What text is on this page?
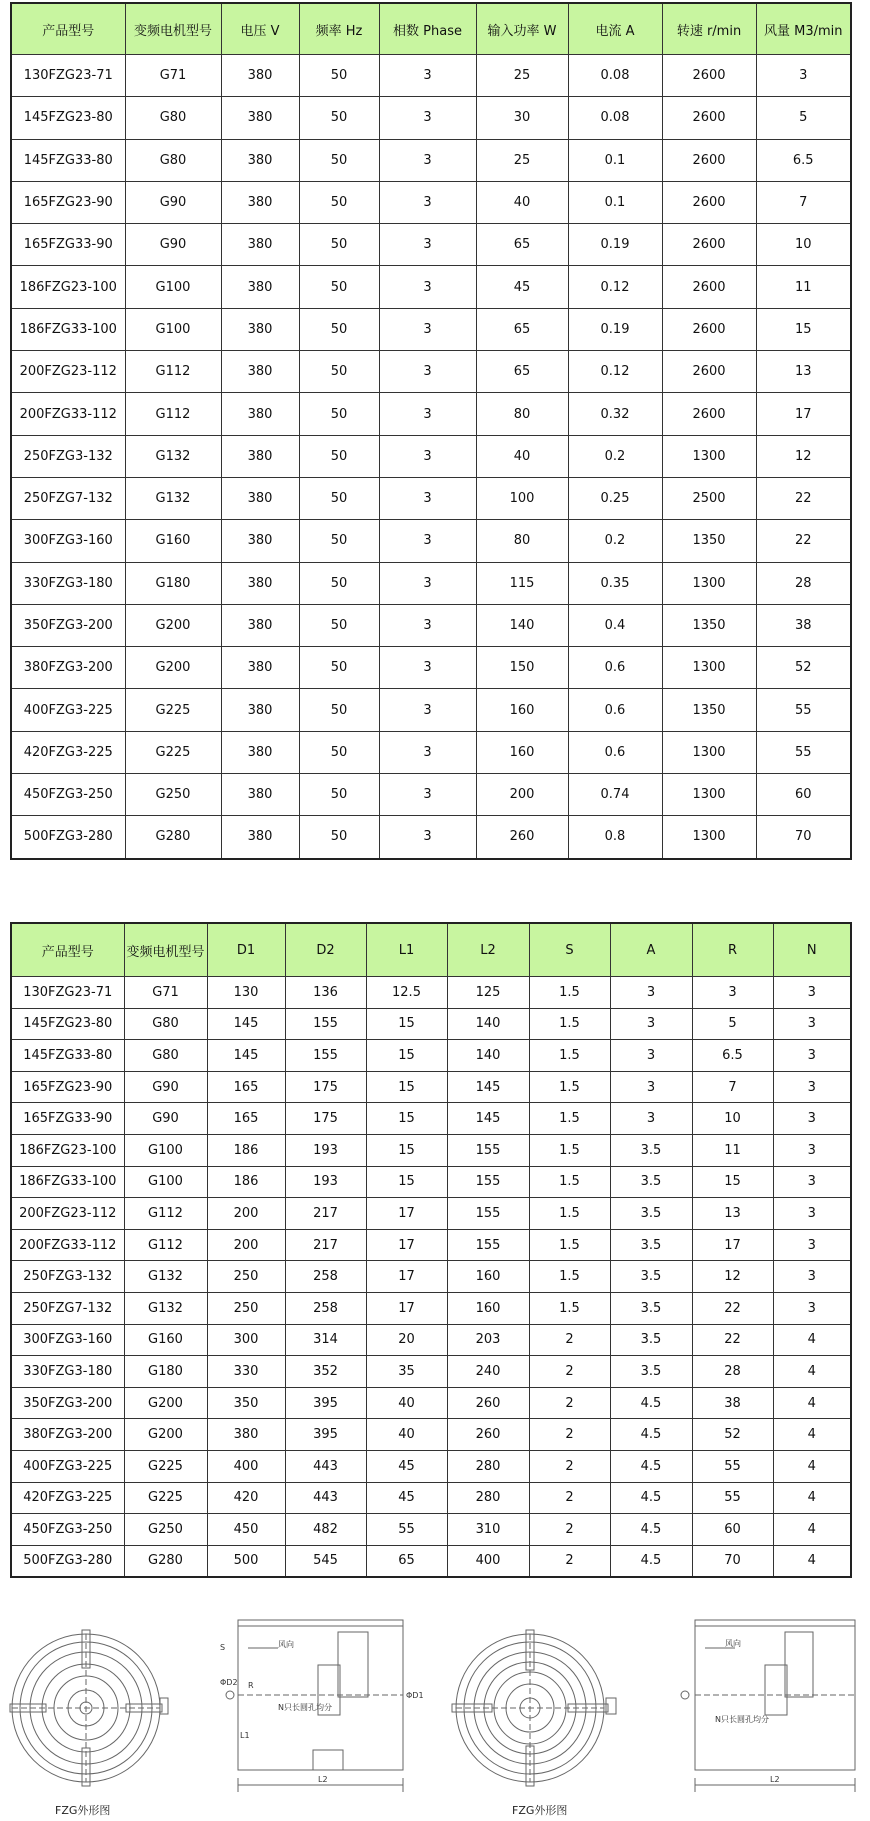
产品型号	变频电机型号	电压 V	频率 Hz	相数 Phase	输入功率 W	电流 A	转速 r/min	风量 M3/min
130FZG23-71	G71	380	50	3	25	0.08	2600	3
145FZG23-80	G80	380	50	3	30	0.08	2600	5
145FZG33-80	G80	380	50	3	25	0.1	2600	6.5
165FZG23-90	G90	380	50	3	40	0.1	2600	7
165FZG33-90	G90	380	50	3	65	0.19	2600	10
186FZG23-100	G100	380	50	3	45	0.12	2600	11
186FZG33-100	G100	380	50	3	65	0.19	2600	15
200FZG23-112	G112	380	50	3	65	0.12	2600	13
200FZG33-112	G112	380	50	3	80	0.32	2600	17
250FZG3-132	G132	380	50	3	40	0.2	1300	12
250FZG7-132	G132	380	50	3	100	0.25	2500	22
300FZG3-160	G160	380	50	3	80	0.2	1350	22
330FZG3-180	G180	380	50	3	115	0.35	1300	28
350FZG3-200	G200	380	50	3	140	0.4	1350	38
380FZG3-200	G200	380	50	3	150	0.6	1300	52
400FZG3-225	G225	380	50	3	160	0.6	1350	55
420FZG3-225	G225	380	50	3	160	0.6	1300	55
450FZG3-250	G250	380	50	3	200	0.74	1300	60
500FZG3-280	G280	380	50	3	260	0.8	1300	70
产品型号	变频电机型号	D1	D2	L1	L2	S	A	R	N
130FZG23-71	G71	130	136	12.5	125	1.5	3	3	3
145FZG23-80	G80	145	155	15	140	1.5	3	5	3
145FZG33-80	G80	145	155	15	140	1.5	3	6.5	3
165FZG23-90	G90	165	175	15	145	1.5	3	7	3
165FZG33-90	G90	165	175	15	145	1.5	3	10	3
186FZG23-100	G100	186	193	15	155	1.5	3.5	11	3
186FZG33-100	G100	186	193	15	155	1.5	3.5	15	3
200FZG23-112	G112	200	217	17	155	1.5	3.5	13	3
200FZG33-112	G112	200	217	17	155	1.5	3.5	17	3
250FZG3-132	G132	250	258	17	160	1.5	3.5	12	3
250FZG7-132	G132	250	258	17	160	1.5	3.5	22	3
300FZG3-160	G160	300	314	20	203	2	3.5	22	4
330FZG3-180	G180	330	352	35	240	2	3.5	28	4
350FZG3-200	G200	350	395	40	260	2	4.5	38	4
380FZG3-200	G200	380	395	40	260	2	4.5	52	4
400FZG3-225	G225	400	443	45	280	2	4.5	55	4
420FZG3-225	G225	420	443	45	280	2	4.5	55	4
450FZG3-250	G250	450	482	55	310	2	4.5	60	4
500FZG3-280	G280	500	545	65	400	2	4.5	70	4
风向
N只长圆孔均分
L2
L1
ΦD2
ΦD1
R
S
FZG外形图
风向
N只长圆孔均分
L2
FZG外形图
